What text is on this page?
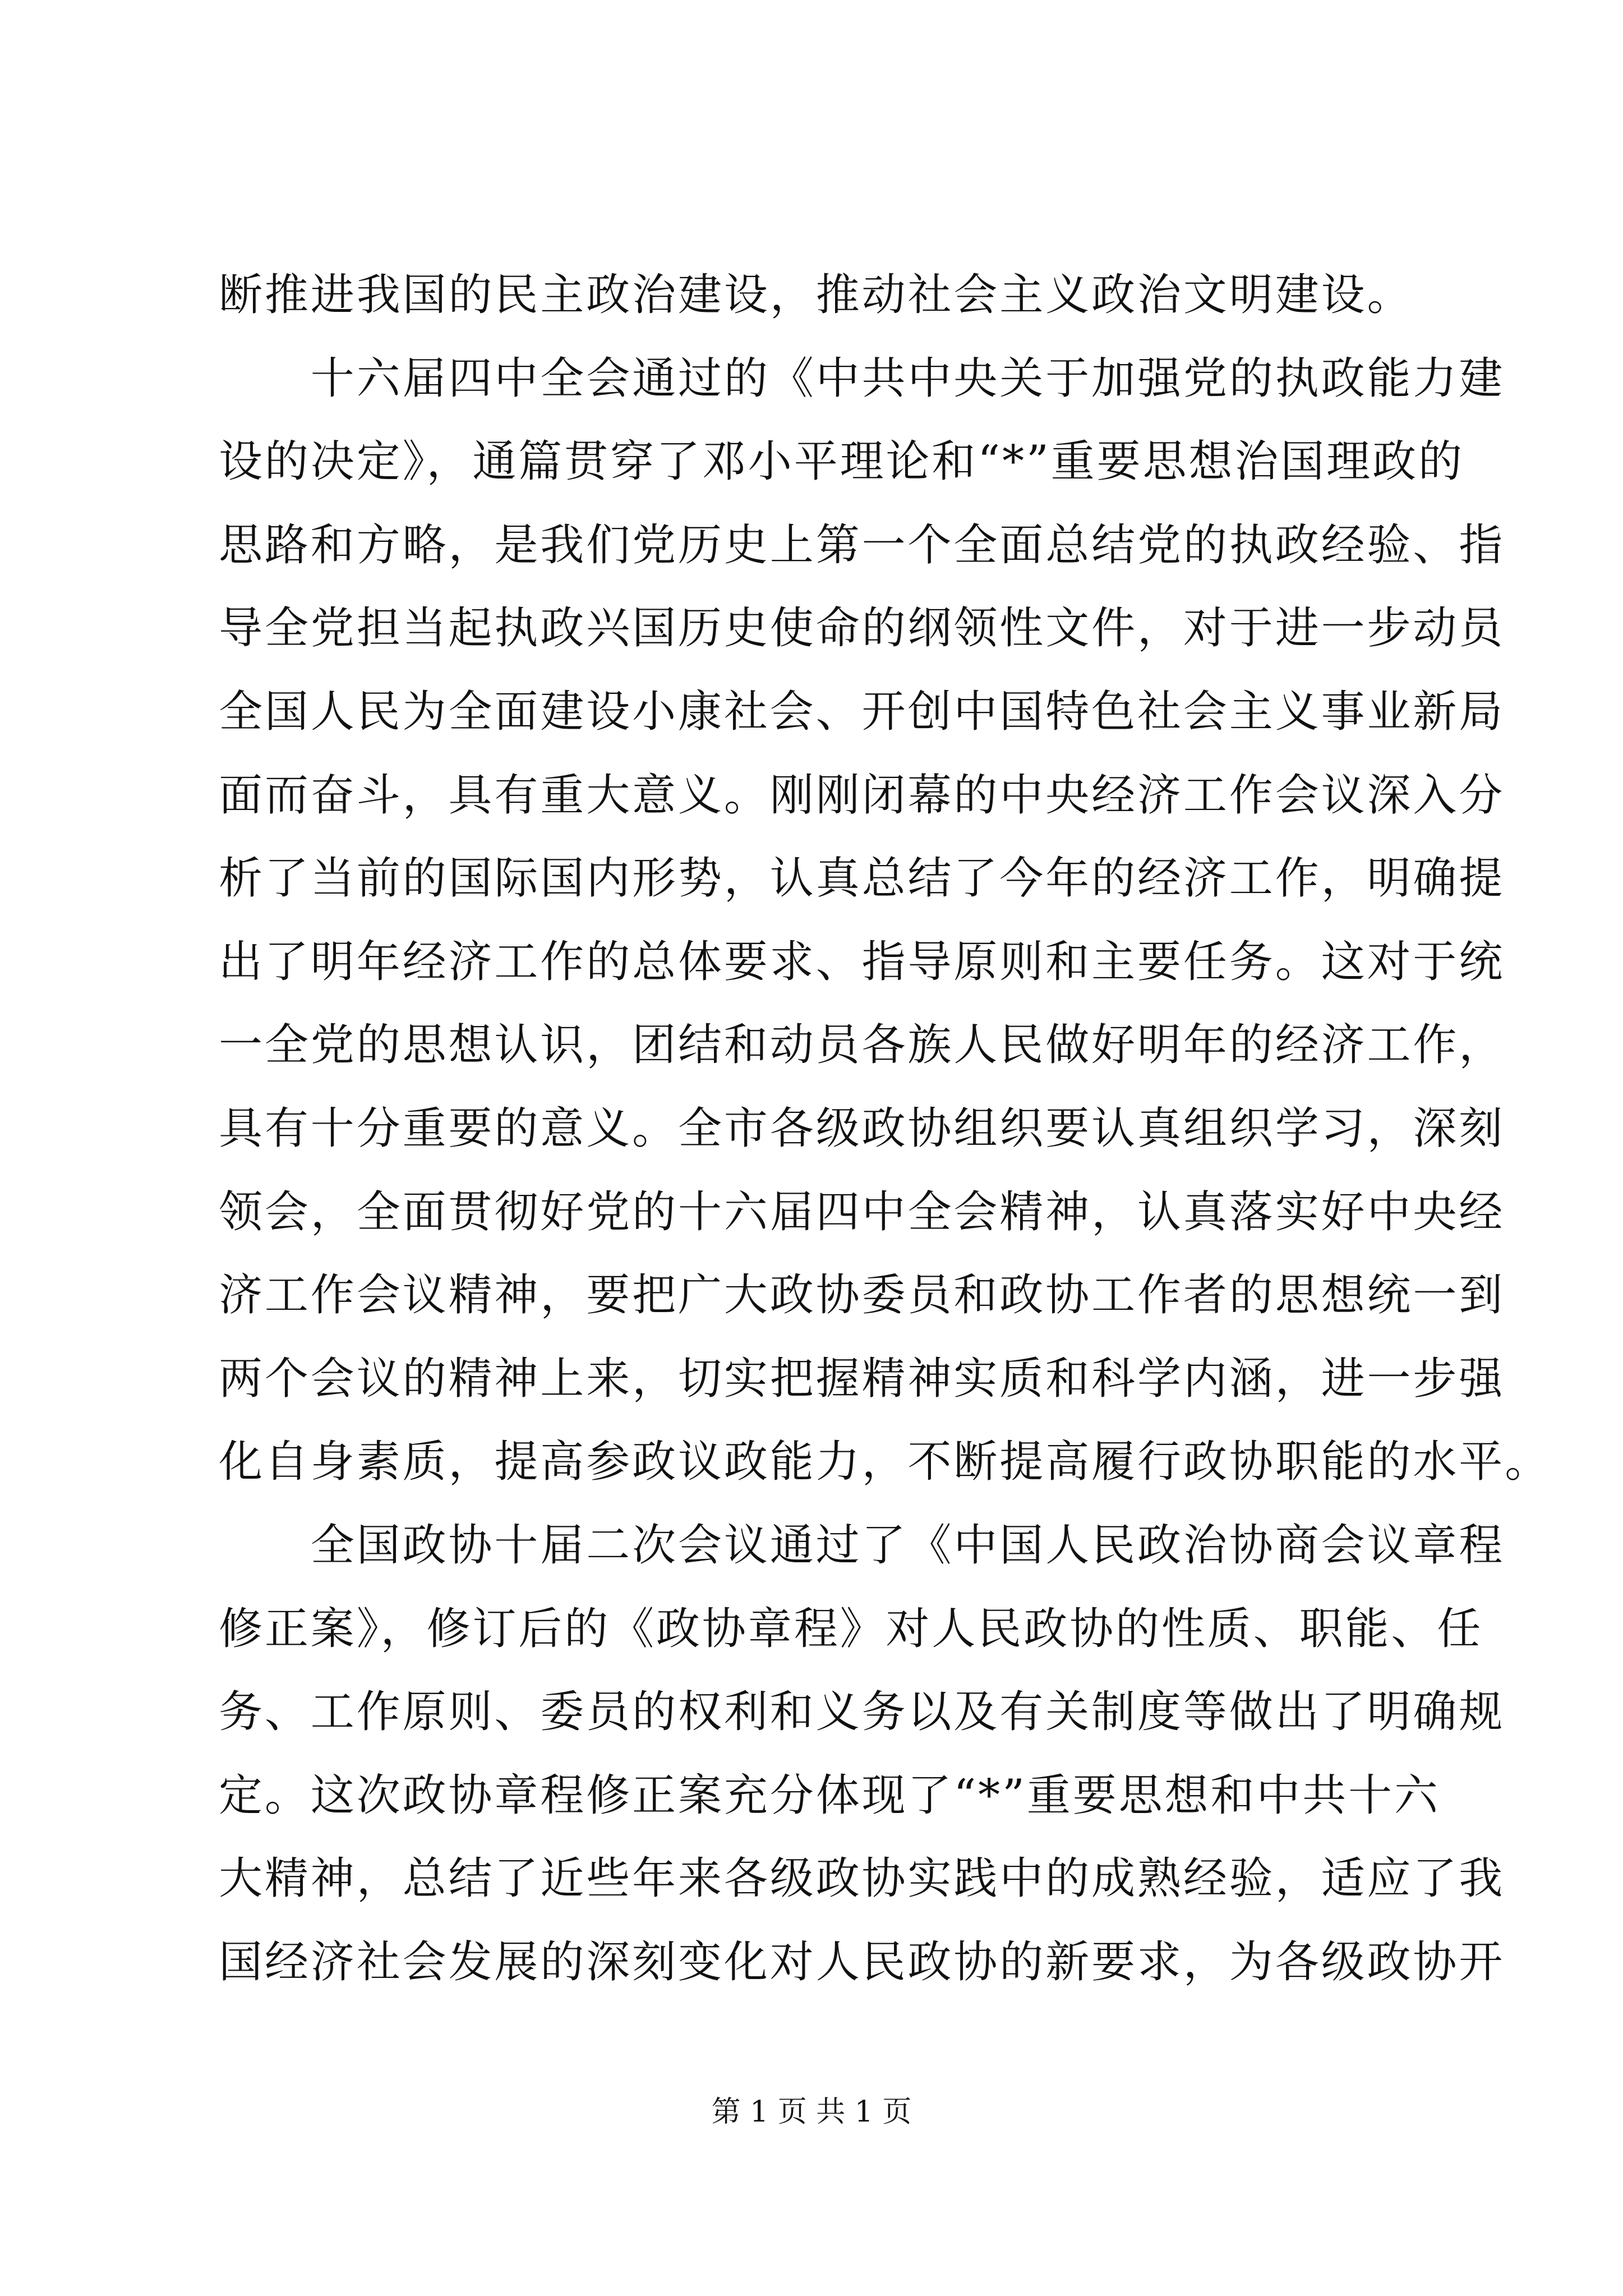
断推进我国的民主政治建设，推动社会主义政治文明建设。
　　十六届四中全会通过的《中共中央关于加强党的执政能力建
设的决定》，通篇贯穿了邓小平理论和“*”重要思想治国理政的
思路和方略，是我们党历史上第一个全面总结党的执政经验、指
导全党担当起执政兴国历史使命的纲领性文件，对于进一步动员
全国人民为全面建设小康社会、开创中国特色社会主义事业新局
面而奋斗，具有重大意义。刚刚闭幕的中央经济工作会议深入分
析了当前的国际国内形势，认真总结了今年的经济工作，明确提
出了明年经济工作的总体要求、指导原则和主要任务。这对于统
一全党的思想认识，团结和动员各族人民做好明年的经济工作，
具有十分重要的意义。全市各级政协组织要认真组织学习，深刻
领会，全面贯彻好党的十六届四中全会精神，认真落实好中央经
济工作会议精神，要把广大政协委员和政协工作者的思想统一到
两个会议的精神上来，切实把握精神实质和科学内涵，进一步强
化自身素质，提高参政议政能力，不断提高履行政协职能的水平。
　　全国政协十届二次会议通过了《中国人民政治协商会议章程
修正案》，修订后的《政协章程》对人民政协的性质、职能、任
务、工作原则、委员的权利和义务以及有关制度等做出了明确规
定。这次政协章程修正案充分体现了“*”重要思想和中共十六
大精神，总结了近些年来各级政协实践中的成熟经验，适应了我
国经济社会发展的深刻变化对人民政协的新要求，为各级政协开
第 1 页 共 1 页
